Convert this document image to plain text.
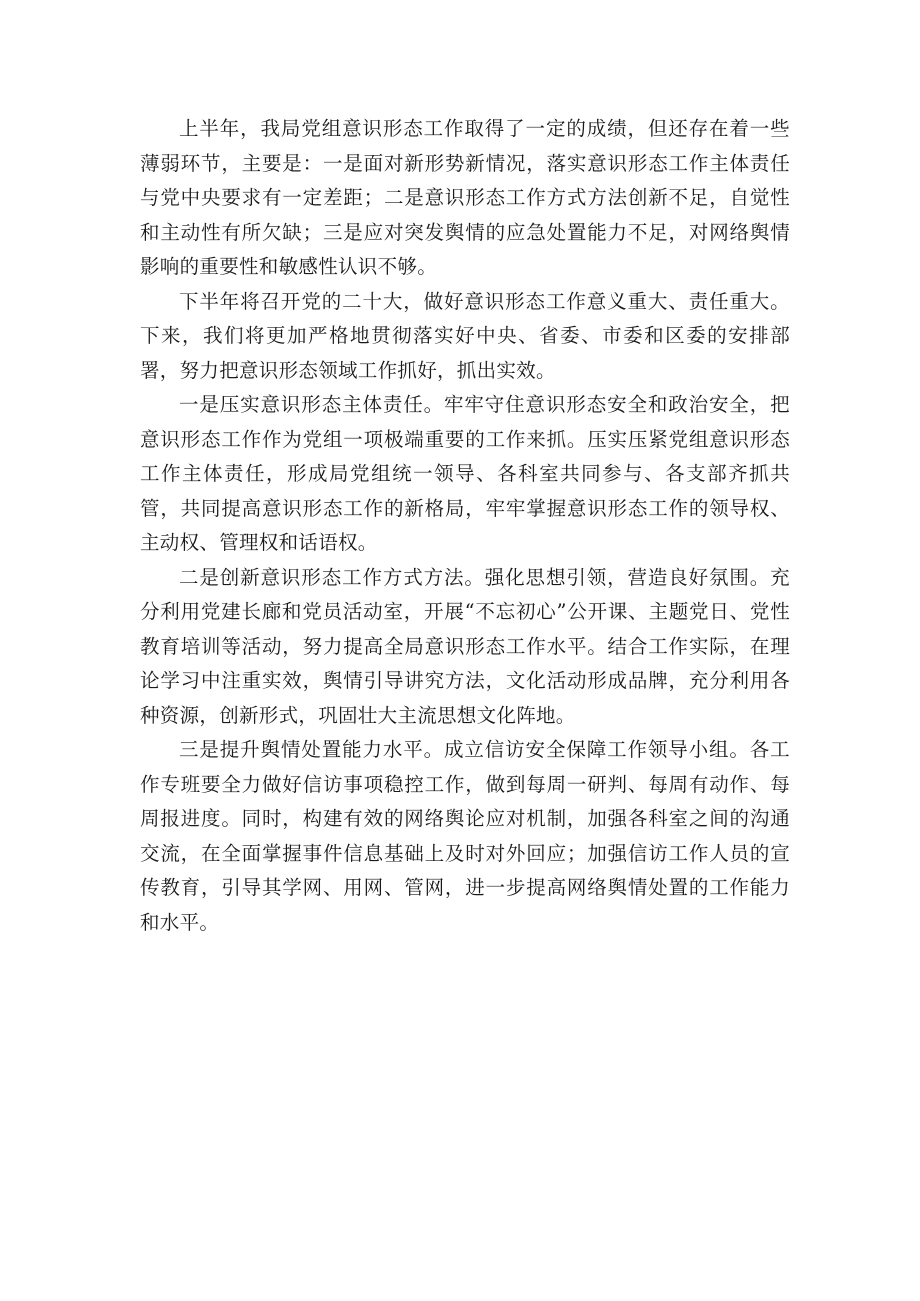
上半年，我局党组意识形态工作取得了一定的成绩，但还存在着一些薄弱环节，主要是：一是面对新形势新情况，落实意识形态工作主体责任与党中央要求有一定差距；二是意识形态工作方式方法创新不足，自觉性和主动性有所欠缺；三是应对突发舆情的应急处置能力不足，对网络舆情影响的重要性和敏感性认识不够。

下半年将召开党的二十大，做好意识形态工作意义重大、责任重大。下来，我们将更加严格地贯彻落实好中央、省委、市委和区委的安排部署，努力把意识形态领域工作抓好，抓出实效。

一是压实意识形态主体责任。牢牢守住意识形态安全和政治安全，把意识形态工作作为党组一项极端重要的工作来抓。压实压紧党组意识形态工作主体责任，形成局党组统一领导、各科室共同参与、各支部齐抓共管，共同提高意识形态工作的新格局，牢牢掌握意识形态工作的领导权、主动权、管理权和话语权。

二是创新意识形态工作方式方法。强化思想引领，营造良好氛围。充分利用党建长廊和党员活动室，开展“不忘初心”公开课、主题党日、党性教育培训等活动，努力提高全局意识形态工作水平。结合工作实际，在理论学习中注重实效，舆情引导讲究方法，文化活动形成品牌，充分利用各种资源，创新形式，巩固壮大主流思想文化阵地。

三是提升舆情处置能力水平。成立信访安全保障工作领导小组。各工作专班要全力做好信访事项稳控工作，做到每周一研判、每周有动作、每周报进度。同时，构建有效的网络舆论应对机制，加强各科室之间的沟通交流，在全面掌握事件信息基础上及时对外回应；加强信访工作人员的宣传教育，引导其学网、用网、管网，进一步提高网络舆情处置的工作能力和水平。
